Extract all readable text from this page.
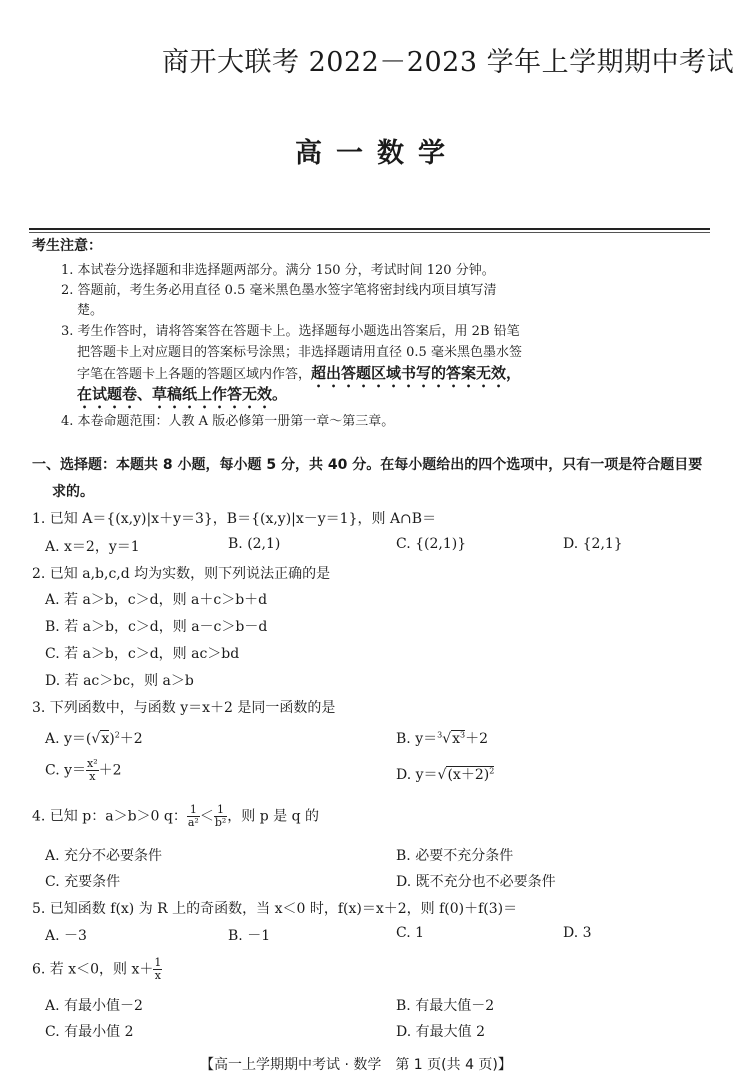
商开大联考 2022－2023 学年上学期期中考试
高一数学
考生注意：
1. 本试卷分选择题和非选择题两部分。满分 150 分，考试时间 120 分钟。
2. 答题前，考生务必用直径 0.5 毫米黑色墨水签字笔将密封线内项目填写清
楚。
3. 考生作答时，请将答案答在答题卡上。选择题每小题选出答案后，用 2B 铅笔
把答题卡上对应题目的答案标号涂黑；非选择题请用直径 0.5 毫米黑色墨水签
字笔在答题卡上各题的答题区域内作答，超出答题区域书写的答案无效，
在试题卷、草稿纸上作答无效。
4. 本卷命题范围：人教 A 版必修第一册第一章～第三章。
一、选择题：本题共 8 小题，每小题 5 分，共 40 分。在每小题给出的四个选项中，只有一项是符合题目要
求的。
1. 已知 A＝{(x,y)|x＋y＝3}，B＝{(x,y)|x－y＝1}，则 A∩B＝
A. x＝2，y＝1	B. (2,1)	C. {(2,1)}	D. {2,1}
2. 已知 a,b,c,d 均为实数，则下列说法正确的是
A. 若 a＞b，c＞d，则 a＋c＞b＋d
B. 若 a＞b，c＞d，则 a－c＞b－d
C. 若 a＞b，c＞d，则 ac＞bd
D. 若 ac＞bc，则 a＞b
3. 下列函数中，与函数 y＝x＋2 是同一函数的是
A. $y=(√x)^2+2$	B. $y=^3√x^3+2$
C. $y= \frac{\text{x²}}{x} +2$	D. $y=√(x+2)^2$
4. 已知 p：a＞b＞0 q： $\frac{1}{\text{a²}} < \frac{1}{\text{b²}}$ ，则 p 是 q 的
A. 充分不必要条件	B. 必要不充分条件
C. 充要条件	D. 既不充分也不必要条件
5. 已知函数 f(x) 为 R 上的奇函数，当 x＜0 时，f(x)＝x＋2，则 f(0)＋f(3)＝
A. －3	B. －1	C. 1	D. 3
6. 若 x＜0，则 $x+ \frac{1}{x}$
A. 有最小值－2	B. 有最大值－2
C. 有最小值 2	D. 有最大值 2
【高一上学期期中考试 · 数学　第 1 页(共 4 页)】
